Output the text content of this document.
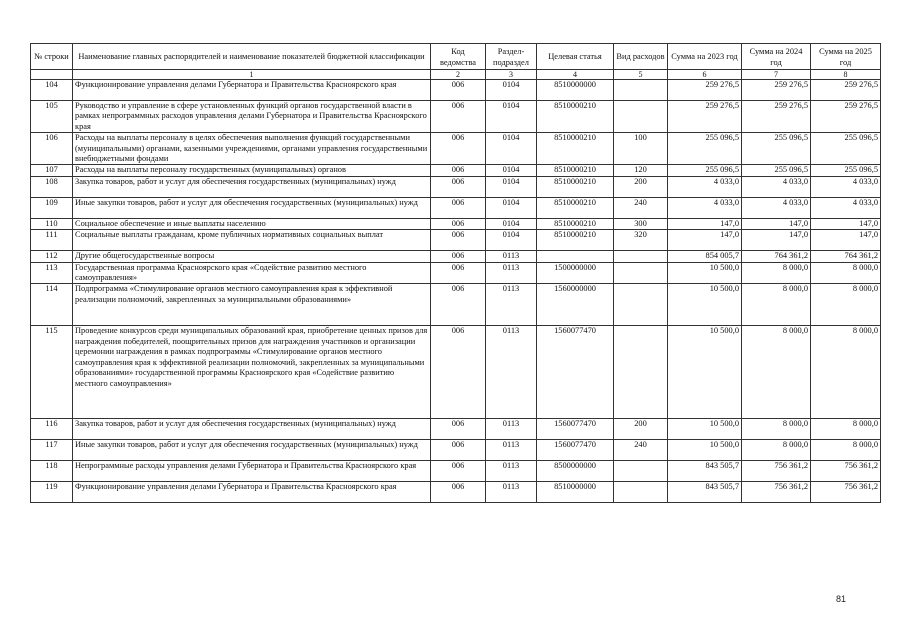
№ строки	Наименование главных распорядителей и наименование показателей бюджетной классификации	Код ведомства	Раздел-подраздел	Целевая статья	Вид расходов	Сумма на 2023 год	Сумма на 2024 год	Сумма на 2025 год
	1	2	3	4	5	6	7	8
104	Функционирование управления делами Губернатора и Правительства Красноярского края	006	0104	8510000000		259 276,5	259 276,5	259 276,5
105	Руководство и управление в сфере установленных функций органов государственной власти в рамках непрограммных расходов управления делами Губернатора и Правительства Красноярского края	006	0104	8510000210		259 276,5	259 276,5	259 276,5
106	Расходы на выплаты персоналу в целях обеспечения выполнения функций государственными (муниципальными) органами, казенными учреждениями, органами управления государственными внебюджетными фондами	006	0104	8510000210	100	255 096,5	255 096,5	255 096,5
107	Расходы на выплаты персоналу государственных (муниципальных) органов	006	0104	8510000210	120	255 096,5	255 096,5	255 096,5
108	Закупка товаров, работ и услуг для обеспечения государственных (муниципальных) нужд	006	0104	8510000210	200	4 033,0	4 033,0	4 033,0
109	Иные закупки товаров, работ и услуг для обеспечения государственных (муниципальных) нужд	006	0104	8510000210	240	4 033,0	4 033,0	4 033,0
110	Социальное обеспечение и иные выплаты населению	006	0104	8510000210	300	147,0	147,0	147,0
111	Социальные выплаты гражданам, кроме публичных нормативных социальных выплат	006	0104	8510000210	320	147,0	147,0	147,0
112	Другие общегосударственные вопросы	006	0113			854 005,7	764 361,2	764 361,2
113	Государственная программа Красноярского края «Содействие развитию местного самоуправления»	006	0113	1500000000		10 500,0	8 000,0	8 000,0
114	Подпрограмма «Стимулирование органов местного самоуправления края к эффективной реализации полномочий, закрепленных за муниципальными образованиями»	006	0113	1560000000		10 500,0	8 000,0	8 000,0
115	Проведение конкурсов среди муниципальных образований края, приобретение ценных призов для награждения победителей, поощрительных призов для награждения участников и организации церемонии награждения в рамках подпрограммы «Стимулирование органов местного самоуправления края к эффективной реализации полномочий, закрепленных за муниципальными образованиями» государственной программы Красноярского края «Содействие развитию местного самоуправления»	006	0113	1560077470		10 500,0	8 000,0	8 000,0
116	Закупка товаров, работ и услуг для обеспечения государственных (муниципальных) нужд	006	0113	1560077470	200	10 500,0	8 000,0	8 000,0
117	Иные закупки товаров, работ и услуг для обеспечения государственных (муниципальных) нужд	006	0113	1560077470	240	10 500,0	8 000,0	8 000,0
118	Непрограммные расходы управления делами Губернатора и Правительства Красноярского края	006	0113	8500000000		843 505,7	756 361,2	756 361,2
119	Функционирование управления делами Губернатора и Правительства Красноярского края	006	0113	8510000000		843 505,7	756 361,2	756 361,2
81
